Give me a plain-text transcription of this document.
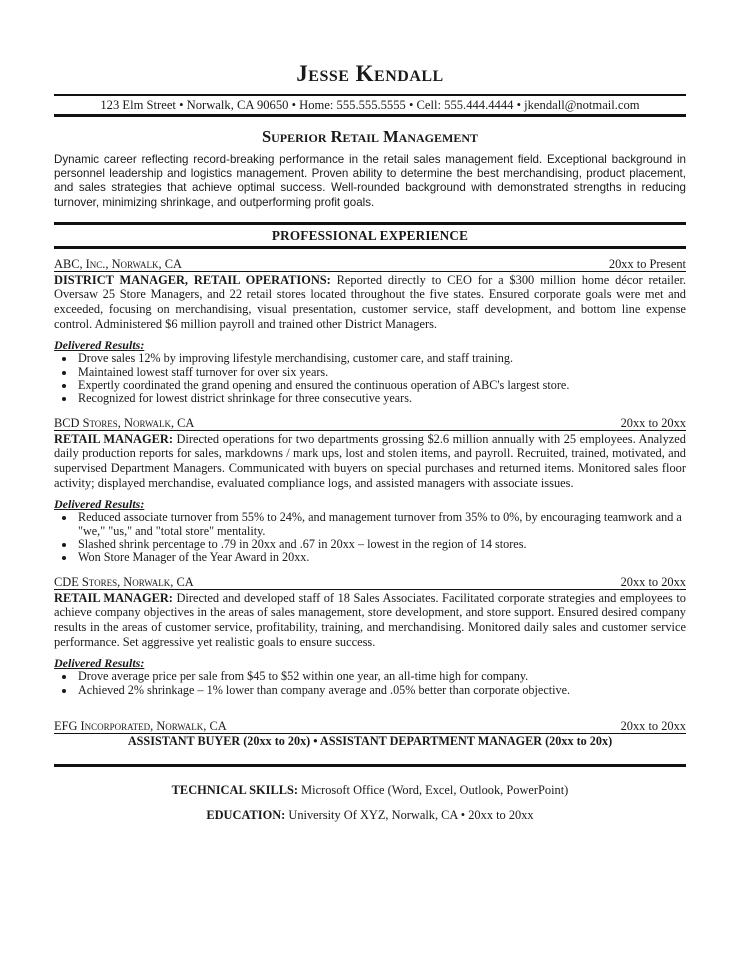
Jesse Kendall
123 Elm Street • Norwalk, CA 90650 • Home: 555.555.5555 • Cell: 555.444.4444 • jkendall@notmail.com
Superior Retail Management
Dynamic career reflecting record-breaking performance in the retail sales management field. Exceptional background in personnel leadership and logistics management. Proven ability to determine the best merchandising, product placement, and sales strategies that achieve optimal success. Well-rounded background with demonstrated strengths in reducing turnover, minimizing shrinkage, and outperforming profit goals.
PROFESSIONAL EXPERIENCE
ABC, Inc., Norwalk, CA	20xx to Present
DISTRICT MANAGER, RETAIL OPERATIONS: Reported directly to CEO for a $300 million home décor retailer. Oversaw 25 Store Managers, and 22 retail stores located throughout the five states. Ensured corporate goals were met and exceeded, focusing on merchandising, visual presentation, customer service, staff development, and bottom line expense control. Administered $6 million payroll and trained other District Managers.
Delivered Results:
• Drove sales 12% by improving lifestyle merchandising, customer care, and staff training.
• Maintained lowest staff turnover for over six years.
• Expertly coordinated the grand opening and ensured the continuous operation of ABC's largest store.
• Recognized for lowest district shrinkage for three consecutive years.
BCD Stores, Norwalk, CA	20xx to 20xx
RETAIL MANAGER: Directed operations for two departments grossing $2.6 million annually with 25 employees. Analyzed daily production reports for sales, markdowns / mark ups, lost and stolen items, and payroll. Recruited, trained, motivated, and supervised Department Managers. Communicated with buyers on special purchases and returned items. Monitored sales floor activity; displayed merchandise, evaluated compliance logs, and assisted managers with associate issues.
Delivered Results:
• Reduced associate turnover from 55% to 24%, and management turnover from 35% to 0%, by encouraging teamwork and a "we," "us," and "total store" mentality.
• Slashed shrink percentage to .79 in 20xx and .67 in 20xx – lowest in the region of 14 stores.
• Won Store Manager of the Year Award in 20xx.
CDE Stores, Norwalk, CA	20xx to 20xx
RETAIL MANAGER: Directed and developed staff of 18 Sales Associates. Facilitated corporate strategies and employees to achieve company objectives in the areas of sales management, store development, and store support. Ensured desired company results in the areas of customer service, profitability, training, and merchandising. Monitored daily sales and customer service performance. Set aggressive yet realistic goals to ensure success.
Delivered Results:
• Drove average price per sale from $45 to $52 within one year, an all-time high for company.
• Achieved 2% shrinkage – 1% lower than company average and .05% better than corporate objective.
EFG Incorporated, Norwalk, CA	20xx to 20xx
ASSISTANT BUYER (20xx to 20x) • ASSISTANT DEPARTMENT MANAGER (20xx to 20x)
TECHNICAL SKILLS: Microsoft Office (Word, Excel, Outlook, PowerPoint)
EDUCATION: University Of XYZ, Norwalk, CA • 20xx to 20xx
